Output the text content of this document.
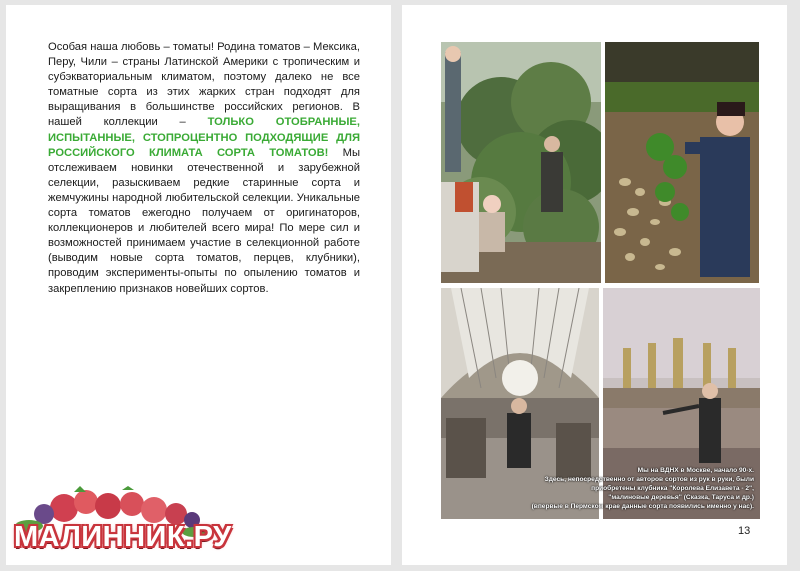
Особая наша любовь – томаты! Родина томатов – Мексика, Перу, Чили – страны Латинской Америки с тропическим и субэкваториальным климатом, поэтому далеко не все томатные сорта из этих жарких стран подходят для выращивания в большинстве российских регионов. В нашей коллекции – ТОЛЬКО ОТОБРАННЫЕ, ИСПЫТАННЫЕ, СТОПРОЦЕНТНО ПОДХОДЯЩИЕ ДЛЯ РОССИЙСКОГО КЛИМАТА СОРТА ТОМАТОВ! Мы отслеживаем новинки отечественной и зарубежной селекции, разыскиваем редкие старинные сорта и жемчужины народной любительской селекции. Уникальные сорта томатов ежегодно получаем от оригинаторов, коллекционеров и любителей всего мира! По мере сил и возможностей принимаем участие в селекционной работе (выводим новые сорта томатов, перцев, клубники), проводим эксперименты-опыты по опылению томатов и закреплению признаков новейших сортов.
Мы на ВДНХ в Москве, начало 90-х.
Здесь, непосредственно от авторов сортов из рук в руки, были
приобретены клубника "Королева Елизавета - 2",
"малиновые деревья" (Сказка, Таруса и др.)
(впервые в Пермском крае данные сорта появились именно у нас).
13
МАЛИННИК.РУ
